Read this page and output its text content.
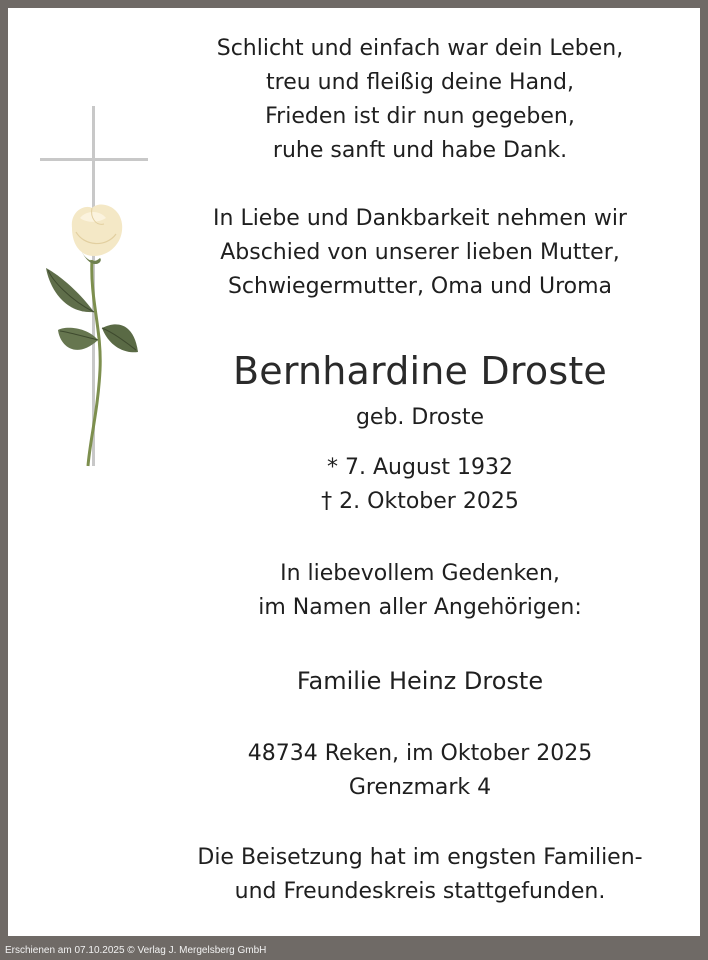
Schlicht und einfach war dein Leben,
treu und fleißig deine Hand,
Frieden ist dir nun gegeben,
ruhe sanft und habe Dank.
In Liebe und Dankbarkeit nehmen wir
Abschied von unserer lieben Mutter,
Schwiegermutter, Oma und Uroma
Bernhardine Droste
geb. Droste
* 7. August 1932
† 2. Oktober 2025
In liebevollem Gedenken,
im Namen aller Angehörigen:
Familie Heinz Droste
48734 Reken, im Oktober 2025
Grenzmark 4
Die Beisetzung hat im engsten Familien-
und Freundeskreis stattgefunden.
Erschienen am 07.10.2025 © Verlag J. Mergelsberg GmbH
